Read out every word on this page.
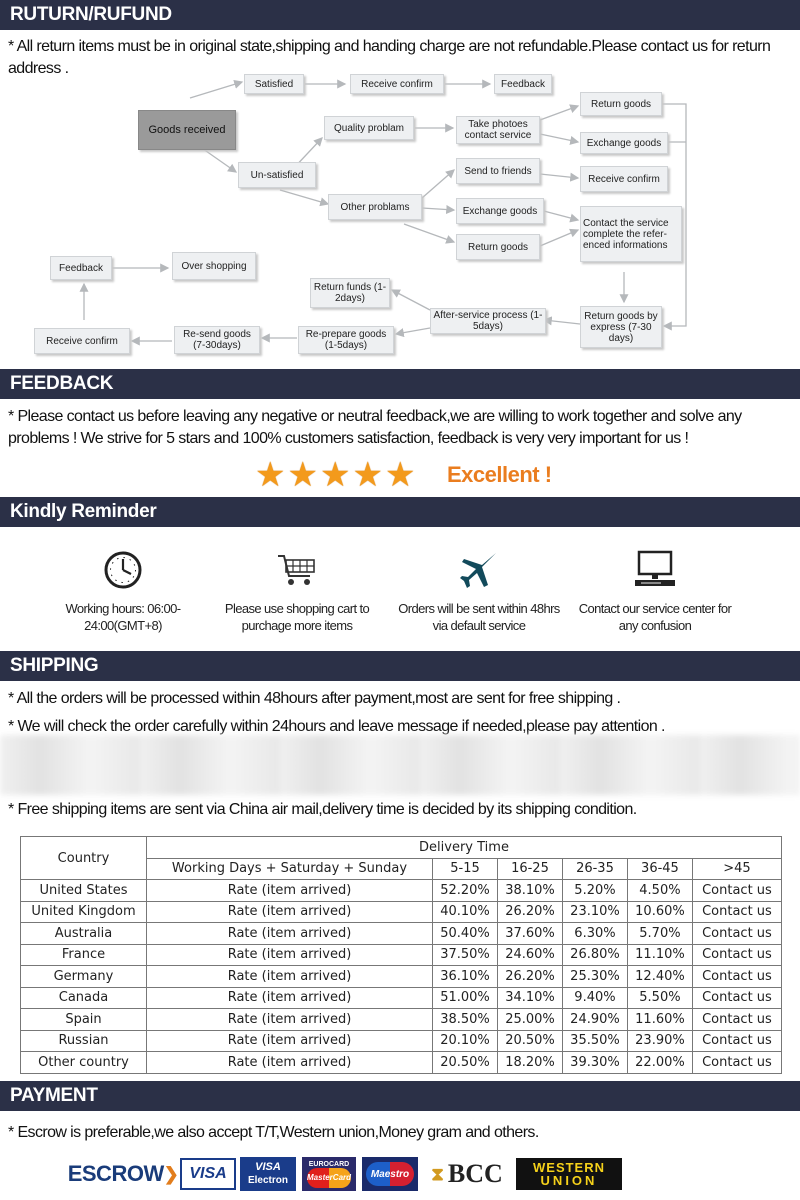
RUTURN/RUFUND
* All return items must be in original state,shipping and handing charge are not refundable.Please contact us for return address .
Goods received
Satisfied	Receive confirm	Feedback
Quality problam	Take photoes contact service
Return goods
Exchange goods
Un-satisfied	Send to friends
Receive confirm
Other problams	Exchange goods
Contact the service complete the refer-enced informations
Return goods
Feedback	Over shopping
Return funds (1-2days)
After-service process (1-5days)
Return goods by express (7-30 days)
Receive confirm
Re-send goods (7-30days)
Re-prepare goods (1-5days)
FEEDBACK
* Please contact us before leaving any negative or neutral feedback,we are willing to work together and solve any problems ! We strive for 5 stars and 100% customers satisfaction, feedback is very very important for us !
★ ★ ★ ★ ★ Excellent !
Kindly Reminder
Working hours: 06:00-24:00(GMT+8)
Please use shopping cart to purchage more items
Orders will be sent within 48hrs via default service
Contact our service center for any confusion
SHIPPING
* All the orders will be processed within 48hours after payment,most are sent for free shipping .
* We will check the order carefully within 24hours and leave message if needed,please pay attention .
* Free shipping items are sent via China air mail,delivery time is decided by its shipping condition.
Country	Delivery Time					
	Working Days + Saturday + Sunday	5-15	16-25	26-35	36-45	>45
United States	Rate (item arrived)	52.20%	38.10%	5.20%	4.50%	Contact us
United Kingdom	Rate (item arrived)	40.10%	26.20%	23.10%	10.60%	Contact us
Australia	Rate (item arrived)	50.40%	37.60%	6.30%	5.70%	Contact us
France	Rate (item arrived)	37.50%	24.60%	26.80%	11.10%	Contact us
Germany	Rate (item arrived)	36.10%	26.20%	25.30%	12.40%	Contact us
Canada	Rate (item arrived)	51.00%	34.10%	9.40%	5.50%	Contact us
Spain	Rate (item arrived)	38.50%	25.00%	24.90%	11.60%	Contact us
Russian	Rate (item arrived)	20.10%	20.50%	35.50%	23.90%	Contact us
Other country	Rate (item arrived)	20.50%	18.20%	39.30%	22.00%	Contact us
PAYMENT
* Escrow is preferable,we also accept T/T,Western union,Money gram and others.
ESCROW ❯ VISA	VISA
Electron
EUROCARD
MasterCard	Maestro ⧗ BCC WESTERN
UNION
